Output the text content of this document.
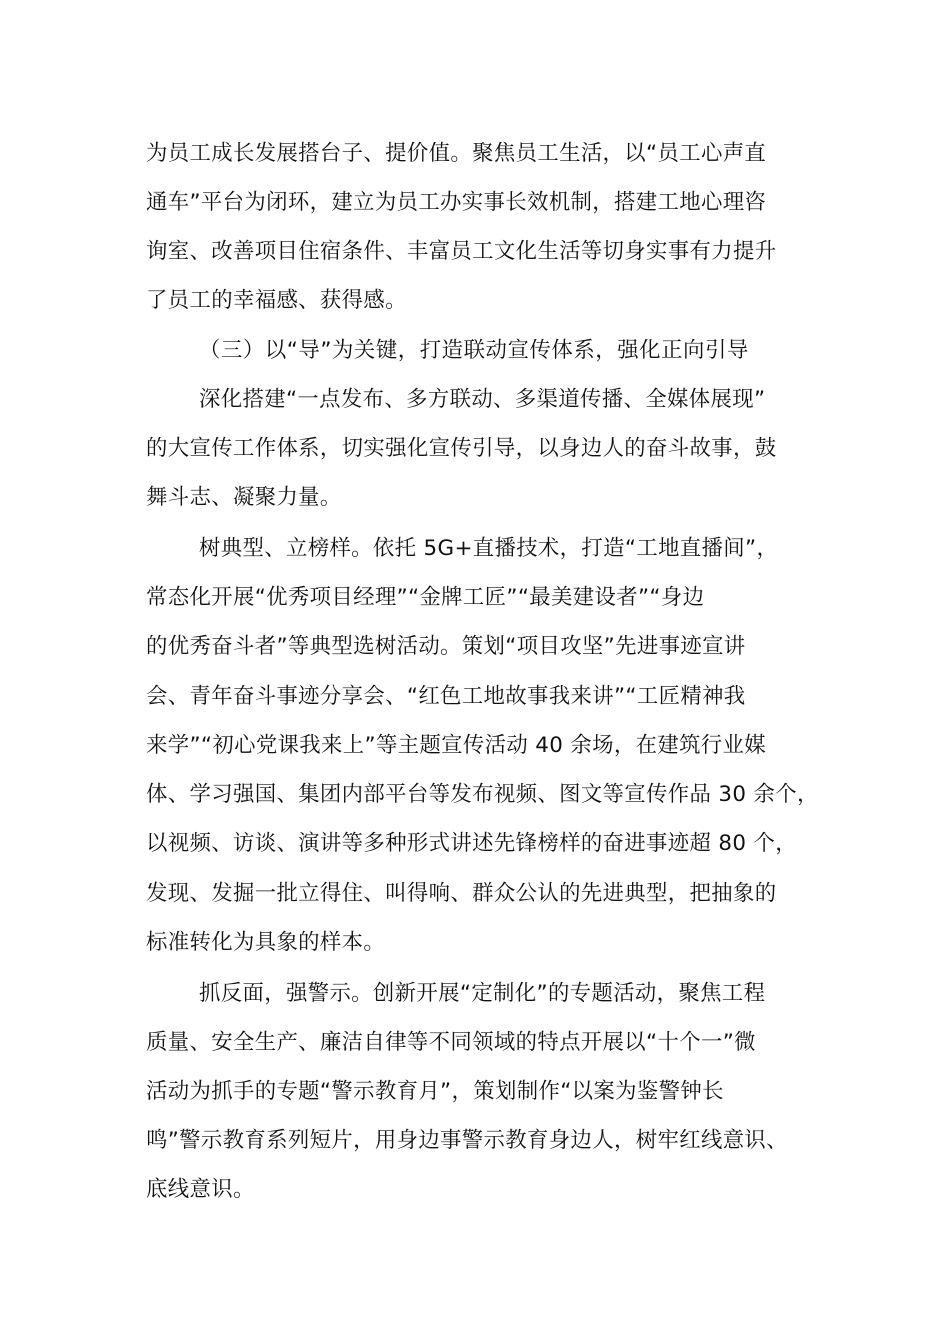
为员工成长发展搭台子、提价值。聚焦员工生活，以“员工心声直

通车”平台为闭环，建立为员工办实事长效机制，搭建工地心理咨

询室、改善项目住宿条件、丰富员工文化生活等切身实事有力提升

了员工的幸福感、获得感。

（三）以“导”为关键，打造联动宣传体系，强化正向引导

深化搭建“一点发布、多方联动、多渠道传播、全媒体展现”

的大宣传工作体系，切实强化宣传引导，以身边人的奋斗故事，鼓

舞斗志、凝聚力量。

树典型、立榜样。依托 5G+直播技术，打造“工地直播间”，

常态化开展“优秀项目经理”“金牌工匠”“最美建设者”“身边

的优秀奋斗者”等典型选树活动。策划“项目攻坚”先进事迹宣讲

会、青年奋斗事迹分享会、“红色工地故事我来讲”“工匠精神我

来学”“初心党课我来上”等主题宣传活动 40 余场，在建筑行业媒

体、学习强国、集团内部平台等发布视频、图文等宣传作品 30 余个，

以视频、访谈、演讲等多种形式讲述先锋榜样的奋进事迹超 80 个，

发现、发掘一批立得住、叫得响、群众公认的先进典型，把抽象的

标准转化为具象的样本。

抓反面，强警示。创新开展“定制化”的专题活动，聚焦工程

质量、安全生产、廉洁自律等不同领域的特点开展以“十个一”微

活动为抓手的专题“警示教育月”，策划制作“以案为鉴警钟长

鸣”警示教育系列短片，用身边事警示教育身边人，树牢红线意识、

底线意识。
